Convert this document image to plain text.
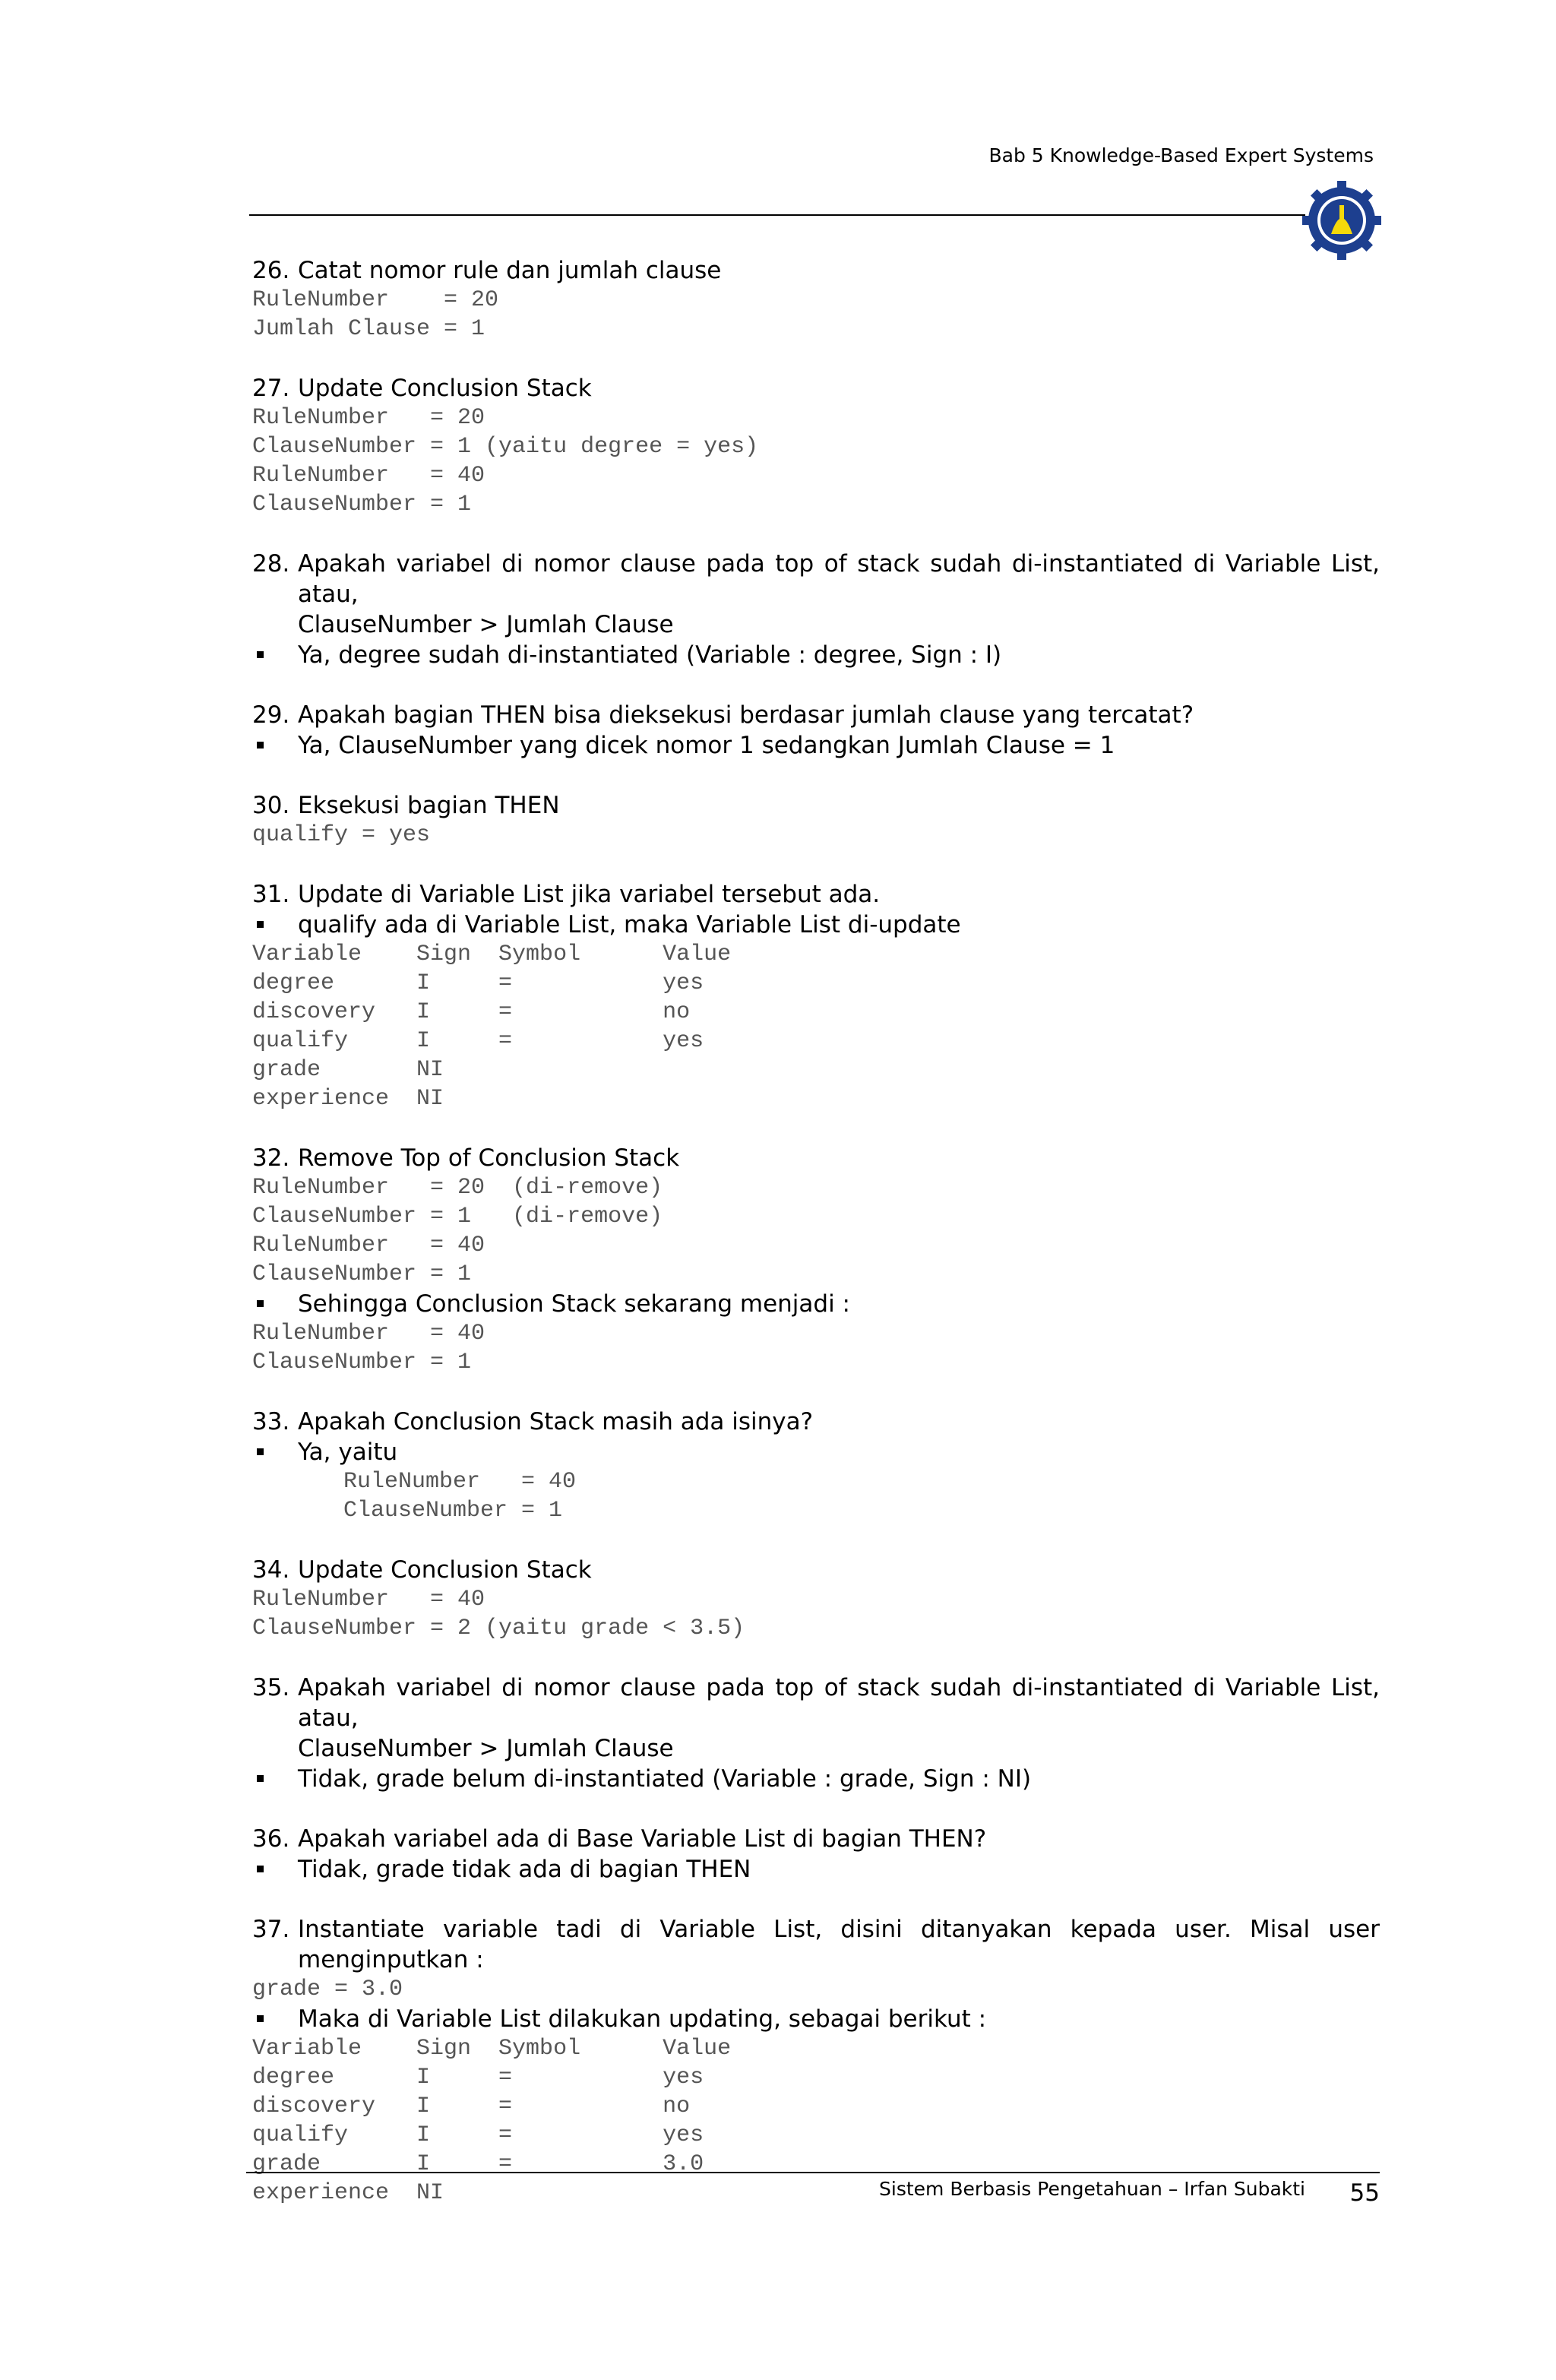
Bab 5 Knowledge-Based Expert Systems
26. Catat nomor rule dan jumlah clause
RuleNumber    = 20
Jumlah Clause = 1
27. Update Conclusion Stack
RuleNumber   = 20
ClauseNumber = 1 (yaitu degree = yes)
RuleNumber   = 40
ClauseNumber = 1
28. Apakah variabel di nomor clause pada top of stack sudah di-instantiated di Variable List, atau,
ClauseNumber > Jumlah Clause
Ya, degree sudah di-instantiated (Variable : degree, Sign : I)
29. Apakah bagian THEN bisa dieksekusi berdasar jumlah clause yang tercatat?
Ya, ClauseNumber yang dicek nomor 1 sedangkan Jumlah Clause = 1
30. Eksekusi bagian THEN
qualify = yes
31. Update di Variable List jika variabel tersebut ada.
qualify ada di Variable List, maka Variable List di-update
Variable    Sign  Symbol      Value
degree      I     =           yes
discovery   I     =           no
qualify     I     =           yes
grade       NI
experience  NI
32. Remove Top of Conclusion Stack
RuleNumber   = 20  (di-remove)
ClauseNumber = 1   (di-remove)
RuleNumber   = 40
ClauseNumber = 1
Sehingga Conclusion Stack sekarang menjadi :
RuleNumber   = 40
ClauseNumber = 1
33. Apakah Conclusion Stack masih ada isinya?
Ya, yaitu
RuleNumber   = 40
ClauseNumber = 1
34. Update Conclusion Stack
RuleNumber   = 40
ClauseNumber = 2 (yaitu grade < 3.5)
35. Apakah variabel di nomor clause pada top of stack sudah di-instantiated di Variable List, atau,
ClauseNumber > Jumlah Clause
Tidak, grade belum di-instantiated (Variable : grade, Sign : NI)
36. Apakah variabel ada di Base Variable List di bagian THEN?
Tidak, grade tidak ada di bagian THEN
37. Instantiate variable tadi di Variable List, disini ditanyakan kepada user. Misal user
menginputkan :
grade = 3.0
Maka di Variable List dilakukan updating, sebagai berikut :
Variable    Sign  Symbol      Value
degree      I     =           yes
discovery   I     =           no
qualify     I     =           yes
grade       I     =           3.0
experience  NI	Sistem Berbasis Pengetahuan – Irfan Subakti 55
